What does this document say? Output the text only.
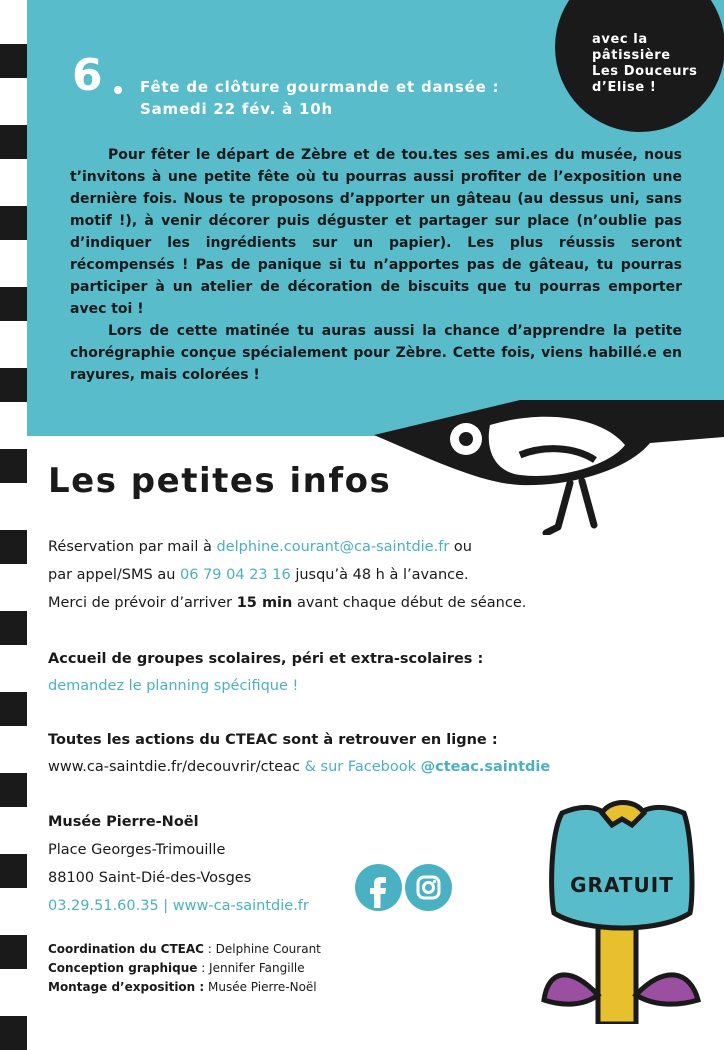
6 Fête de clôture gourmande et dansée :
Samedi 22 fév. à 10h
avec la
pâtissière
Les Douceurs
d’Elise !

Pour fêter le départ de Zèbre et de tou.tes ses ami.es du musée, nous t’invitons à une petite fête où tu pourras aussi profiter de l’exposition une dernière fois. Nous te proposons d’apporter un gâteau (au dessus uni, sans motif !), à venir décorer puis déguster et partager sur place (n’oublie pas d’indiquer les ingrédients sur un papier). Les plus réussis seront récompensés ! Pas de panique si tu n’apportes pas de gâteau, tu pourras participer à un atelier de décoration de biscuits que tu pourras emporter avec toi !

Lors de cette matinée tu auras aussi la chance d’apprendre la petite chorégraphie conçue spécialement pour Zèbre. Cette fois, viens habillé.e en rayures, mais colorées !

Les petites infos
Réservation par mail à delphine.courant@ca-saintdie.fr ou
par appel/SMS au 06 79 04 23 16 jusqu’à 48 h à l’avance.
Merci de prévoir d’arriver 15 min avant chaque début de séance.
Accueil de groupes scolaires, péri et extra-scolaires :
demandez le planning spécifique !
Toutes les actions du CTEAC sont à retrouver en ligne :
www.ca-saintdie.fr/decouvrir/cteac & sur Facebook @cteac.saintdie
Musée Pierre-Noël
Place Georges-Trimouille
88100 Saint-Dié-des-Vosges
03.29.51.60.35 | www-ca-saintdie.fr
Coordination du CTEAC : Delphine Courant
Conception graphique : Jennifer Fangille
Montage d’exposition : Musée Pierre-Noël
GRATUIT
